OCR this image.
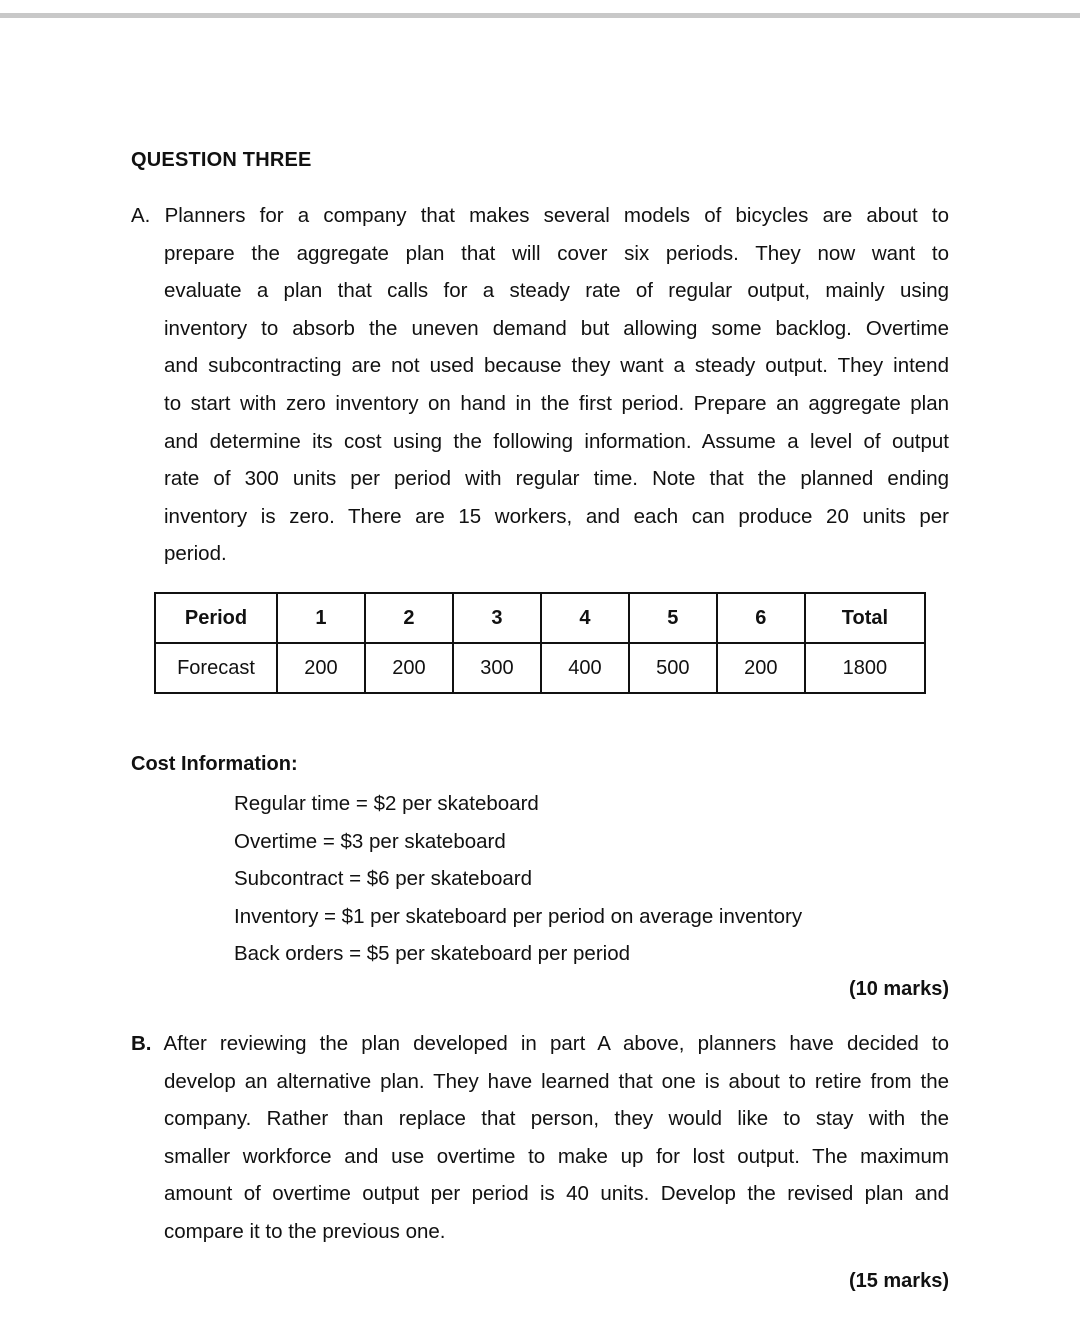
QUESTION THREE
A. Planners for a company that makes several models of bicycles are about to
prepare the aggregate plan that will cover six periods. They now want to
evaluate a plan that calls for a steady rate of regular output, mainly using
inventory to absorb the uneven demand but allowing some backlog. Overtime
and subcontracting are not used because they want a steady output. They intend
to start with zero inventory on hand in the first period. Prepare an aggregate plan
and determine its cost using the following information. Assume a level of output
rate of 300 units per period with regular time. Note that the planned ending
inventory is zero. There are 15 workers, and each can produce 20 units per
period.
Period	1	2	3	4	5	6	Total
Forecast	200	200	300	400	500	200	1800
Cost Information:
Regular time = $2 per skateboard
Overtime = $3 per skateboard
Subcontract = $6 per skateboard
Inventory = $1 per skateboard per period on average inventory
Back orders = $5 per skateboard per period
(10 marks)
B. After reviewing the plan developed in part A above, planners have decided to
develop an alternative plan. They have learned that one is about to retire from the
company. Rather than replace that person, they would like to stay with the
smaller workforce and use overtime to make up for lost output. The maximum
amount of overtime output per period is 40 units. Develop the revised plan and
compare it to the previous one.
(15 marks)
